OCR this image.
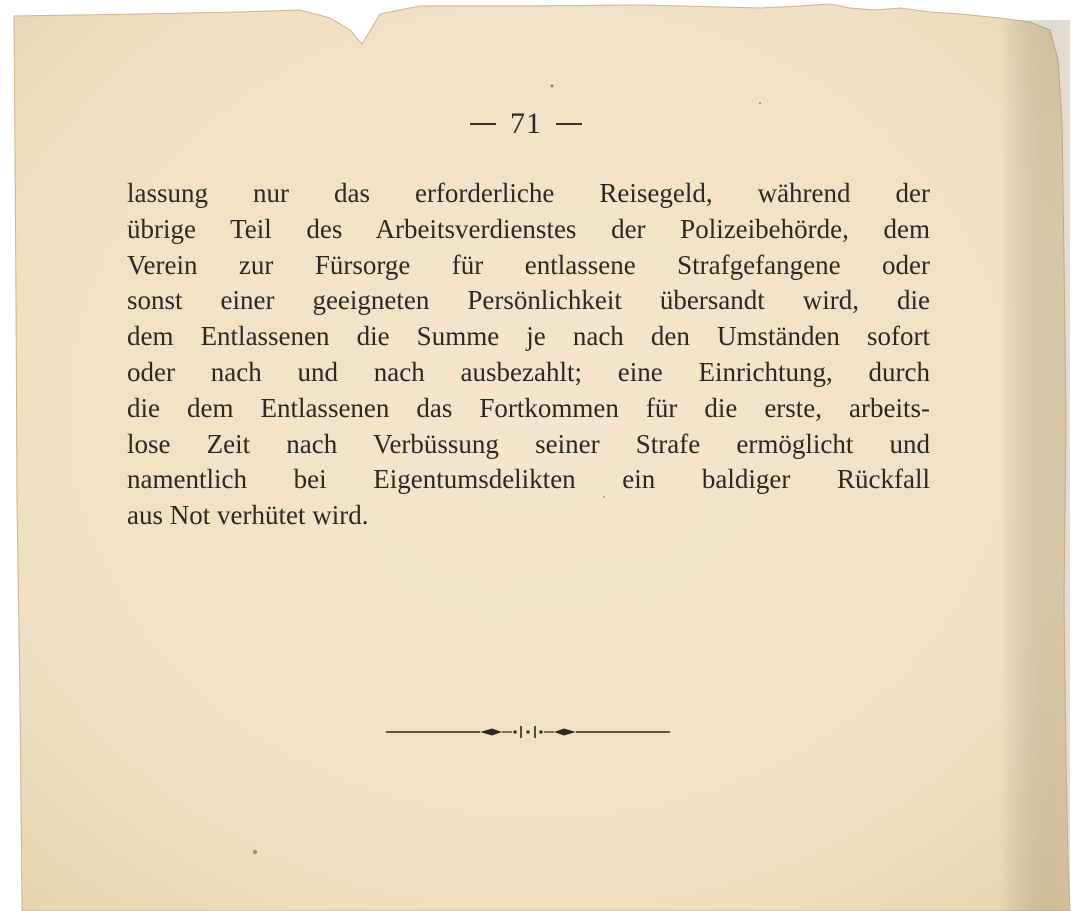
71
lassung nur das erforderliche Reisegeld, während der
übrige Teil des Arbeitsverdienstes der Polizeibehörde, dem
Verein zur Fürsorge für entlassene Strafgefangene oder
sonst einer geeigneten Persönlichkeit übersandt wird, die
dem Entlassenen die Summe je nach den Umständen sofort
oder nach und nach ausbezahlt; eine Einrichtung, durch
die dem Entlassenen das Fortkommen für die erste, arbeits-
lose Zeit nach Verbüssung seiner Strafe ermöglicht und
namentlich bei Eigentumsdelikten ein baldiger Rückfall
aus Not verhütet wird.
